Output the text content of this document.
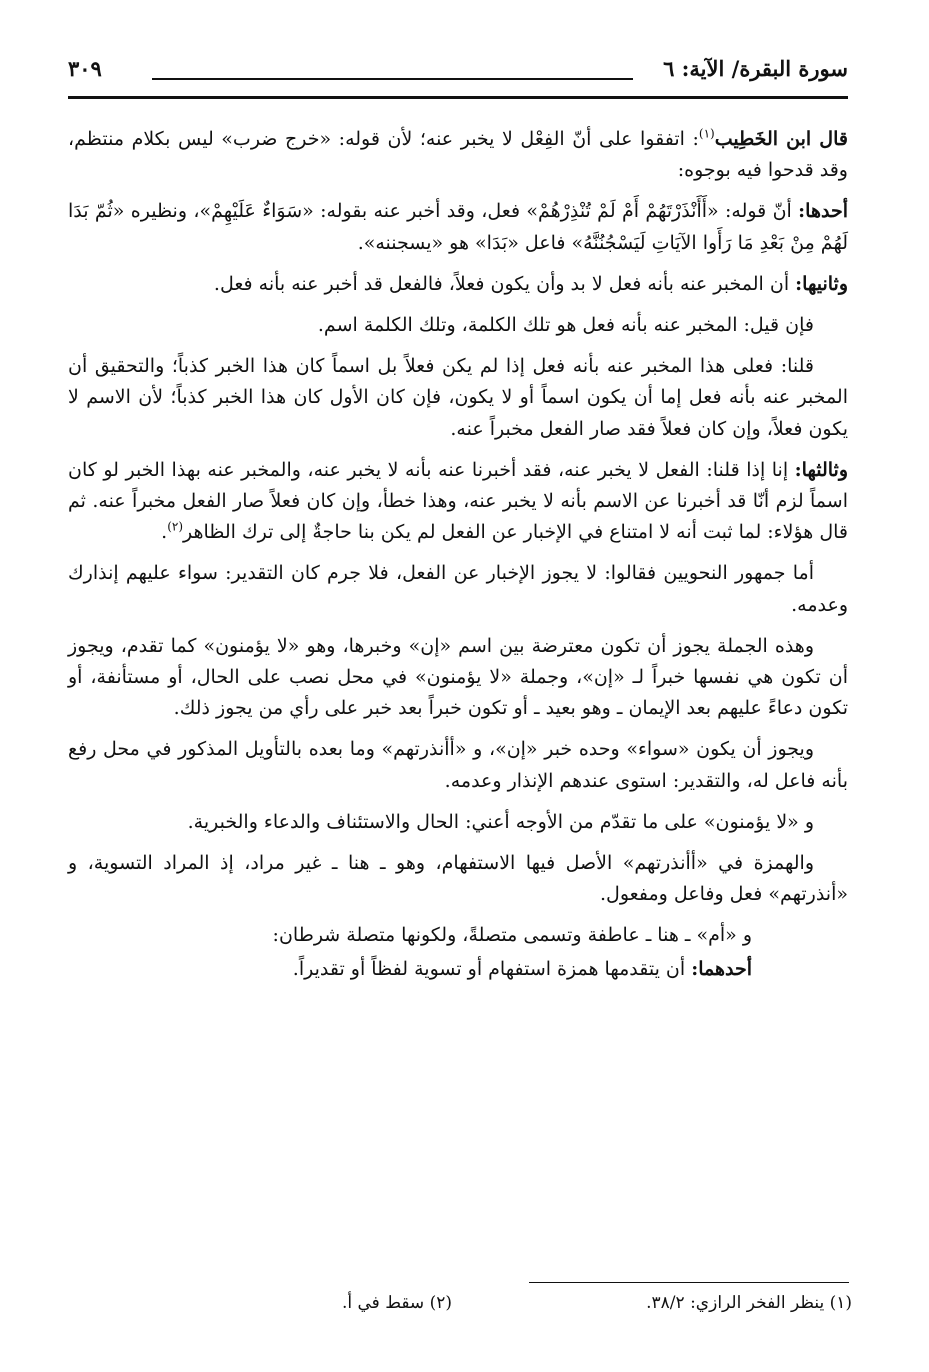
سورة البقرة/ الآية: ٦
٣٠٩

قال ابن الخَطِيب$^{(١)}$: اتفقوا على أنّ الفِعْل لا يخبر عنه؛ لأن قوله: «خرج ضرب» ليس بكلام منتظم، وقد قدحوا فيه بوجوه:

أحدها: أنّ قوله: «أَأَنْذَرْتَهُمْ أَمْ لَمْ تُنْذِرْهُمْ» فعل، وقد أخبر عنه بقوله: «سَوَاءٌ عَلَيْهِمْ»، ونظيره «ثُمّ بَدَا لَهُمْ مِنْ بَعْدِ مَا رَأَوا الآيَاتِ لَيَسْجُنُنَّهُ» فاعل «بَدَا» هو «يسجننه».

وثانيها: أن المخبر عنه بأنه فعل لا بد وأن يكون فعلاً، فالفعل قد أخبر عنه بأنه فعل.

فإن قيل: المخبر عنه بأنه فعل هو تلك الكلمة، وتلك الكلمة اسم.

قلنا: فعلى هذا المخبر عنه بأنه فعل إذا لم يكن فعلاً بل اسماً كان هذا الخبر كذباً؛ والتحقيق أن المخبر عنه بأنه فعل إما أن يكون اسماً أو لا يكون، فإن كان الأول كان هذا الخبر كذباً؛ لأن الاسم لا يكون فعلاً، وإن كان فعلاً فقد صار الفعل مخبراً عنه.

وثالثها: إنا إذا قلنا: الفعل لا يخبر عنه، فقد أخبرنا عنه بأنه لا يخبر عنه، والمخبر عنه بهذا الخبر لو كان اسماً لزم أنّا قد أخبرنا عن الاسم بأنه لا يخبر عنه، وهذا خطأ، وإن كان فعلاً صار الفعل مخبراً عنه. ثم قال هؤلاء: لما ثبت أنه لا امتناع في الإخبار عن الفعل لم يكن بنا حاجةٌ إلى ترك الظاهر$^{(٢)}$.

أما جمهور النحويين فقالوا: لا يجوز الإخبار عن الفعل، فلا جرم كان التقدير: سواء عليهم إنذارك وعدمه.

وهذه الجملة يجوز أن تكون معترضة بين اسم «إن» وخبرها، وهو «لا يؤمنون» كما تقدم، ويجوز أن تكون هي نفسها خبراً لـ «إن»، وجملة «لا يؤمنون» في محل نصب على الحال، أو مستأنفة، أو تكون دعاءً عليهم بعد الإيمان ـ وهو بعيد ـ أو تكون خبراً بعد خبر على رأي من يجوز ذلك.

ويجوز أن يكون «سواء» وحده خبر «إن»، و «أأنذرتهم» وما بعده بالتأويل المذكور في محل رفع بأنه فاعل له، والتقدير: استوى عندهم الإنذار وعدمه.

و «لا يؤمنون» على ما تقدّم من الأوجه أعني: الحال والاستئناف والدعاء والخبرية.

والهمزة في «أأنذرتهم» الأصل فيها الاستفهام، وهو ـ هنا ـ غير مراد، إذ المراد التسوية، و «أنذرتهم» فعل وفاعل ومفعول.

و «أم» ـ هنا ـ عاطفة وتسمى متصلةً، ولكونها متصلة شرطان:

أحدهما: أن يتقدمها همزة استفهام أو تسوية لفظاً أو تقديراً.

(١) ينظر الفخر الرازي: ٣٨/٢.
(٢) سقط في أ.
